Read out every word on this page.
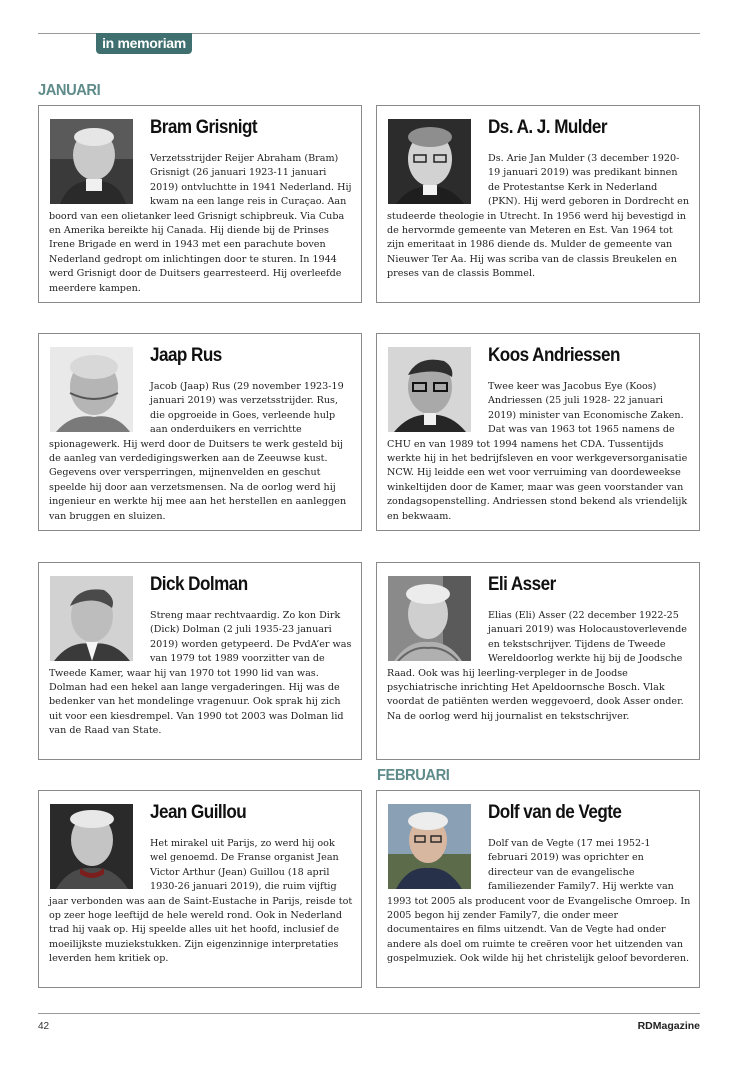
in memoriam
JANUARI
FEBRUARI
Bram Grisnigt
Verzetsstrijder Reijer Abraham (Bram) Grisnigt (26 januari 1923-11 januari 2019) ontvluchtte in 1941 Nederland. Hij kwam na een lange reis in Curaçao. Aan boord van een olietanker leed Grisnigt schipbreuk. Via Cuba en Amerika bereikte hij Canada. Hij diende bij de Prinses Irene Brigade en werd in 1943 met een parachute boven Nederland gedropt om inlichtingen door te sturen. In 1944 werd Grisnigt door de Duitsers gearresteerd. Hij overleefde meerdere kampen.
Ds. A. J. Mulder
Ds. Arie Jan Mulder (3 december 1920-19 januari 2019) was predikant binnen de Protestantse Kerk in Nederland (PKN). Hij werd geboren in Dordrecht en studeerde theologie in Utrecht. In 1956 werd hij bevestigd in de hervormde gemeente van Meteren en Est. Van 1964 tot zijn emeritaat in 1986 diende ds. Mulder de gemeente van Nieuwer Ter Aa. Hij was scriba van de classis Breukelen en preses van de classis Bommel.
Jaap Rus
Jacob (Jaap) Rus (29 november 1923-19 januari 2019) was verzetsstrijder. Rus, die opgroeide in Goes, verleende hulp aan onderduikers en verrichtte spionagewerk. Hij werd door de Duitsers te werk gesteld bij de aanleg van verdedigingswerken aan de Zeeuwse kust. Gegevens over versperringen, mijnenvelden en geschut speelde hij door aan verzetsmensen. Na de oorlog werd hij ingenieur en werkte hij mee aan het herstellen en aanleggen van bruggen en sluizen.
Koos Andriessen
Twee keer was Jacobus Eye (Koos) Andriessen (25 juli 1928- 22 januari 2019) minister van Economische Zaken. Dat was van 1963 tot 1965 namens de CHU en van 1989 tot 1994 namens het CDA. Tussentijds werkte hij in het bedrijfsleven en voor werkgeversorganisatie NCW. Hij leidde een wet voor verruiming van doordeweekse winkeltijden door de Kamer, maar was geen voorstander van zondagsopenstelling. Andriessen stond bekend als vriendelijk en bekwaam.
Dick Dolman
Streng maar rechtvaardig. Zo kon Dirk (Dick) Dolman (2 juli 1935-23 januari 2019) worden getypeerd. De PvdA’er was van 1979 tot 1989 voorzitter van de Tweede Kamer, waar hij van 1970 tot 1990 lid van was. Dolman had een hekel aan lange vergaderingen. Hij was de bedenker van het mondelinge vragenuur. Ook sprak hij zich uit voor een kiesdrempel. Van 1990 tot 2003 was Dolman lid van de Raad van State.
Eli Asser
Elias (Eli) Asser (22 december 1922-25 januari 2019) was Holocaustoverlevende en tekstschrijver. Tijdens de Tweede Wereldoorlog werkte hij bij de Joodsche Raad. Ook was hij leerling-verpleger in de Joodse psychiatrische inrichting Het Apeldoornsche Bosch. Vlak voordat de patiënten werden weggevoerd, dook Asser onder. Na de oorlog werd hij journalist en tekstschrijver.
Jean Guillou
Het mirakel uit Parijs, zo werd hij ook wel genoemd. De Franse organist Jean Victor Arthur (Jean) Guillou (18 april 1930-26 januari 2019), die ruim vijftig jaar verbonden was aan de Saint-Eustache in Parijs, reisde tot op zeer hoge leeftijd de hele wereld rond. Ook in Nederland trad hij vaak op. Hij speelde alles uit het hoofd, inclusief de moeilijkste muziekstukken. Zijn eigenzinnige interpretaties leverden hem kritiek op.
Dolf van de Vegte
Dolf van de Vegte (17 mei 1952-1 februari 2019) was oprichter en directeur van de evangelische familiezender Family7. Hij werkte van 1993 tot 2005 als producent voor de Evangelische Omroep. In 2005 begon hij zender Family7, die onder meer documentaires en films uitzendt. Van de Vegte had onder andere als doel om ruimte te creëren voor het uitzenden van gospelmuziek. Ook wilde hij het christelijk geloof bevorderen.
42	RDMagazine
